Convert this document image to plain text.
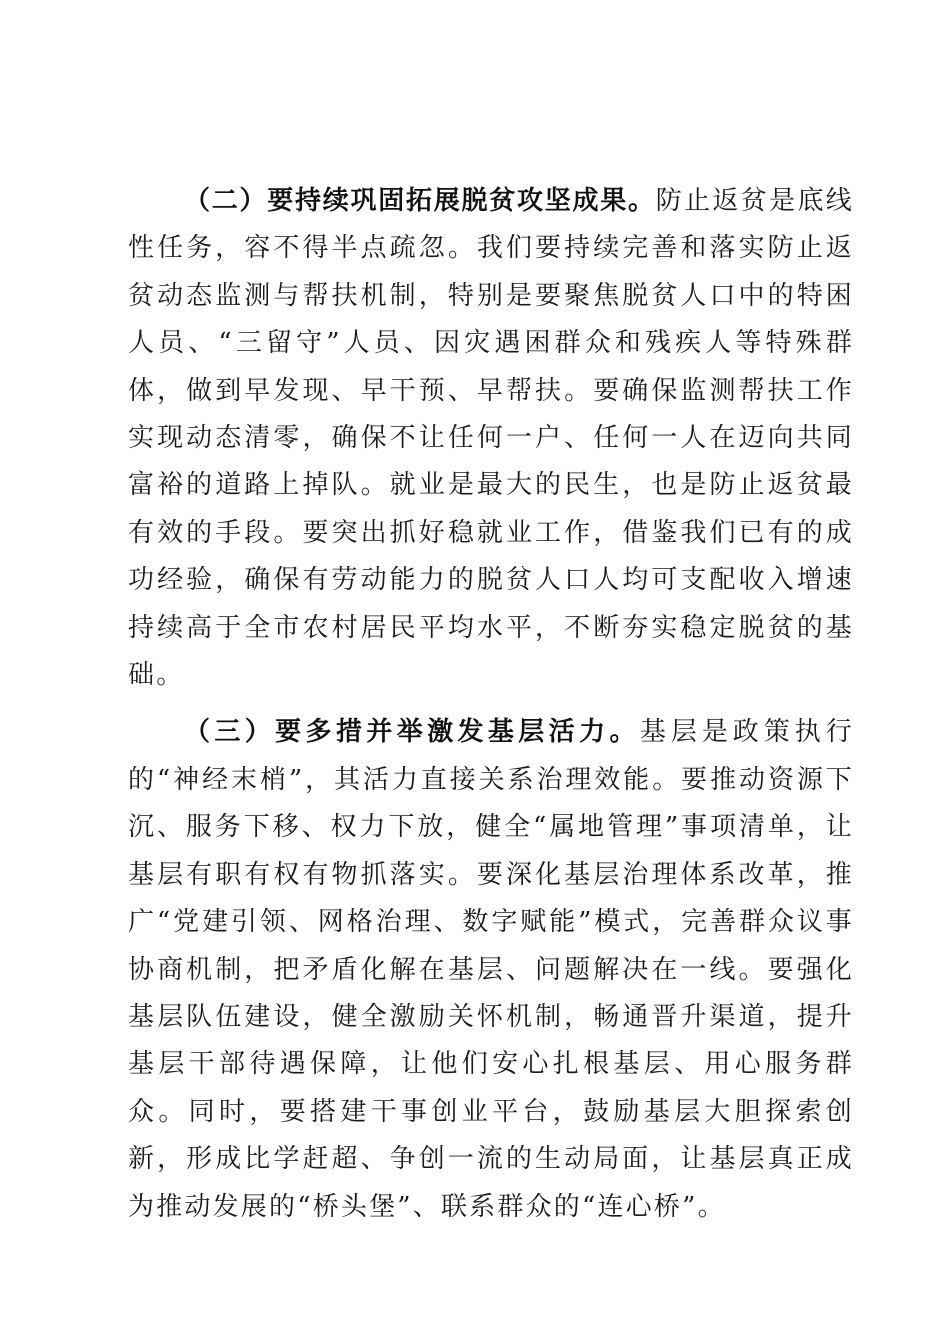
（二）要持续巩固拓展脱贫攻坚成果。防止返贫是底线性任务，容不得半点疏忽。我们要持续完善和落实防止返贫动态监测与帮扶机制，特别是要聚焦脱贫人口中的特困人员、“三留守”人员、因灾遇困群众和残疾人等特殊群体，做到早发现、早干预、早帮扶。要确保监测帮扶工作实现动态清零，确保不让任何一户、任何一人在迈向共同富裕的道路上掉队。就业是最大的民生，也是防止返贫最有效的手段。要突出抓好稳就业工作，借鉴我们已有的成功经验，确保有劳动能力的脱贫人口人均可支配收入增速持续高于全市农村居民平均水平，不断夯实稳定脱贫的基础。

（三）要多措并举激发基层活力。基层是政策执行的“神经末梢”，其活力直接关系治理效能。要推动资源下沉、服务下移、权力下放，健全“属地管理”事项清单，让基层有职有权有物抓落实。要深化基层治理体系改革，推广“党建引领、网格治理、数字赋能”模式，完善群众议事协商机制，把矛盾化解在基层、问题解决在一线。要强化基层队伍建设，健全激励关怀机制，畅通晋升渠道，提升基层干部待遇保障，让他们安心扎根基层、用心服务群众。同时，要搭建干事创业平台，鼓励基层大胆探索创新，形成比学赶超、争创一流的生动局面，让基层真正成为推动发展的“桥头堡”、联系群众的“连心桥”。
